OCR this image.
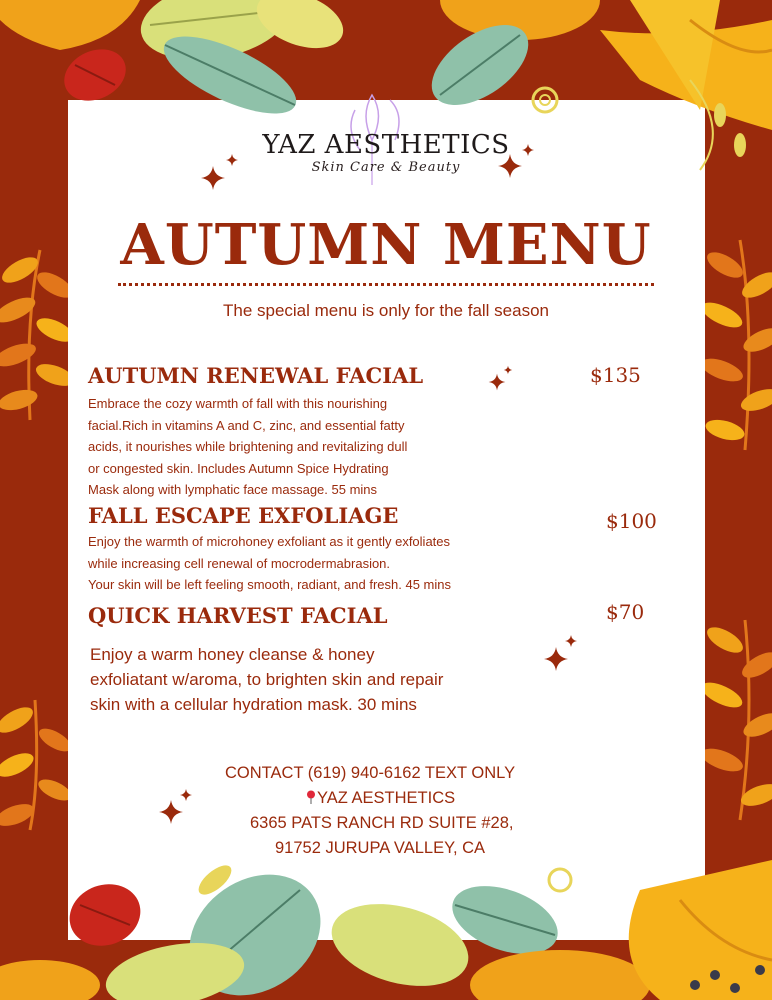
YAZ AESTHETICS
Skin Care & Beauty
AUTUMN MENU
The special menu is only for the fall season
AUTUMN RENEWAL FACIAL	$135
Embrace the cozy warmth of fall with this nourishing
facial.Rich in vitamins A and C, zinc, and essential fatty
acids, it nourishes while brightening and revitalizing dull
or congested skin. Includes Autumn Spice Hydrating
Mask along with lymphatic face massage. 55 mins
FALL ESCAPE EXFOLIAGE	$100
Enjoy the warmth of microhoney exfoliant as it gently exfoliates
while increasing cell renewal of mocrodermabrasion.
Your skin will be left feeling smooth, radiant, and fresh. 45 mins
QUICK HARVEST FACIAL	$70
Enjoy a warm honey cleanse & honey
exfoliatant w/aroma, to brighten skin and repair
skin with a cellular hydration mask. 30 mins
CONTACT (619) 940-6162 TEXT ONLY
YAZ AESTHETICS
6365 PATS RANCH RD SUITE #28,
91752 JURUPA VALLEY, CA
